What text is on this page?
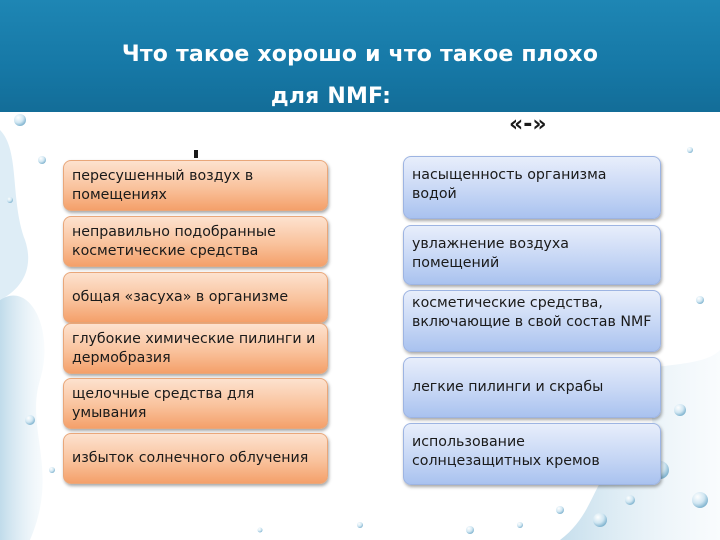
Что такое хорошо и что такое плохо
для NMF:
«-»
пересушенный воздух в помещениях
неправильно подобранные косметические средства
общая «засуха» в организме
глубокие химические пилинги и дермобразия
щелочные средства для умывания
избыток солнечного облучения
насыщенность организма водой
увлажнение воздуха помещений
косметические средства, включающие в свой состав NMF
легкие пилинги и скрабы
использование солнцезащитных кремов
